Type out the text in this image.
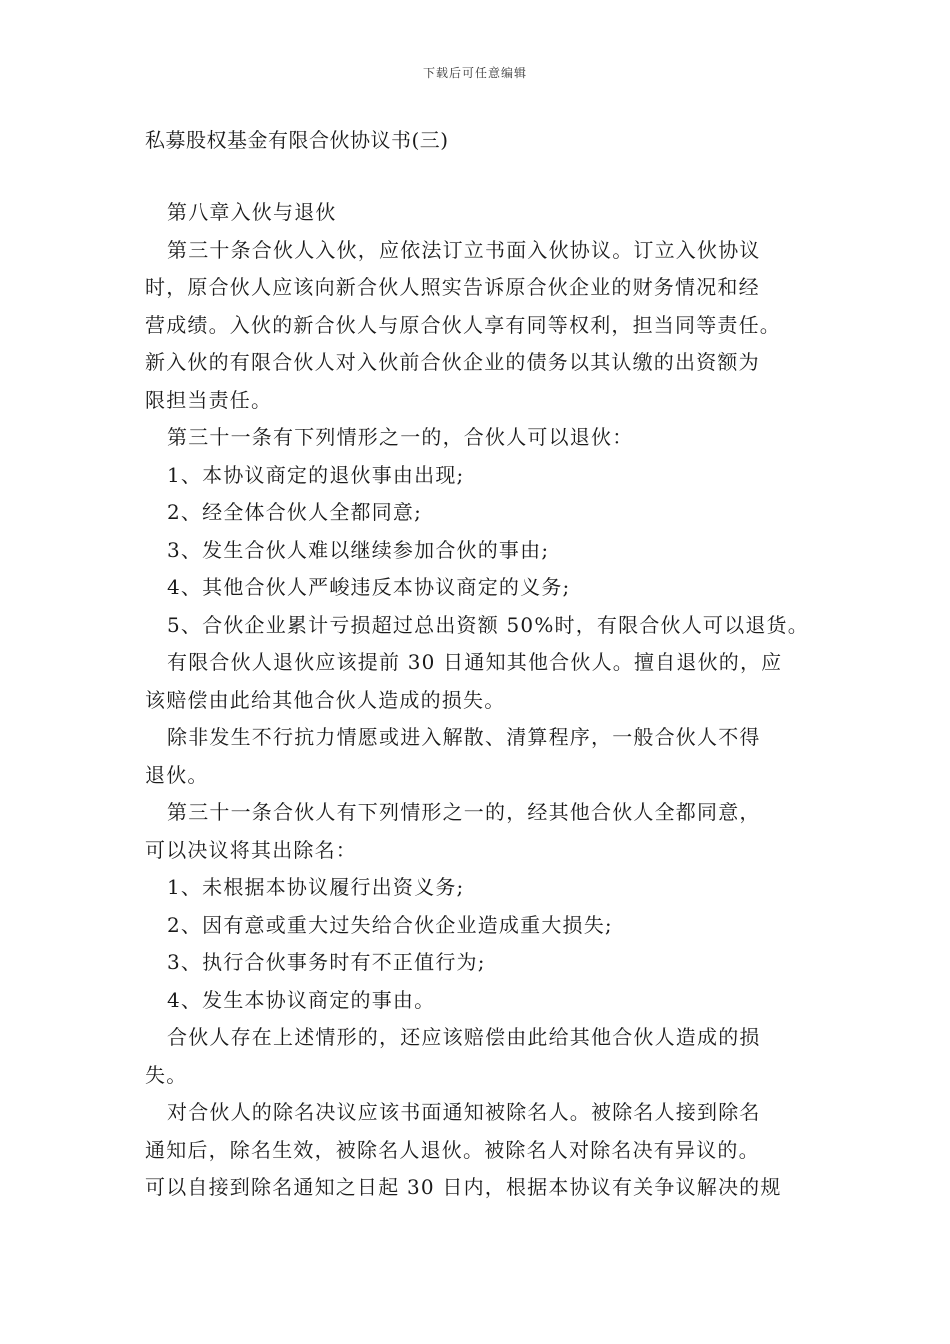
下载后可任意编辑
私募股权基金有限合伙协议书(三)

第八章入伙与退伙

第三十条合伙人入伙，应依法订立书面入伙协议。订立入伙协议
时，原合伙人应该向新合伙人照实告诉原合伙企业的财务情况和经
营成绩。入伙的新合伙人与原合伙人享有同等权利，担当同等责任。
新入伙的有限合伙人对入伙前合伙企业的债务以其认缴的出资额为
限担当责任。

第三十一条有下列情形之一的，合伙人可以退伙：

1、本协议商定的退伙事由出现;

2、经全体合伙人全都同意;

3、发生合伙人难以继续参加合伙的事由;

4、其他合伙人严峻违反本协议商定的义务;

5、合伙企业累计亏损超过总出资额 50%时，有限合伙人可以退货。

有限合伙人退伙应该提前 30 日通知其他合伙人。擅自退伙的，应
该赔偿由此给其他合伙人造成的损失。

除非发生不行抗力情愿或进入解散、清算程序，一般合伙人不得
退伙。

第三十一条合伙人有下列情形之一的，经其他合伙人全都同意，
可以决议将其出除名：

1、未根据本协议履行出资义务;

2、因有意或重大过失给合伙企业造成重大损失;

3、执行合伙事务时有不正值行为;

4、发生本协议商定的事由。

合伙人存在上述情形的，还应该赔偿由此给其他合伙人造成的损
失。

对合伙人的除名决议应该书面通知被除名人。被除名人接到除名
通知后，除名生效，被除名人退伙。被除名人对除名决有异议的。
可以自接到除名通知之日起 30 日内，根据本协议有关争议解决的规
